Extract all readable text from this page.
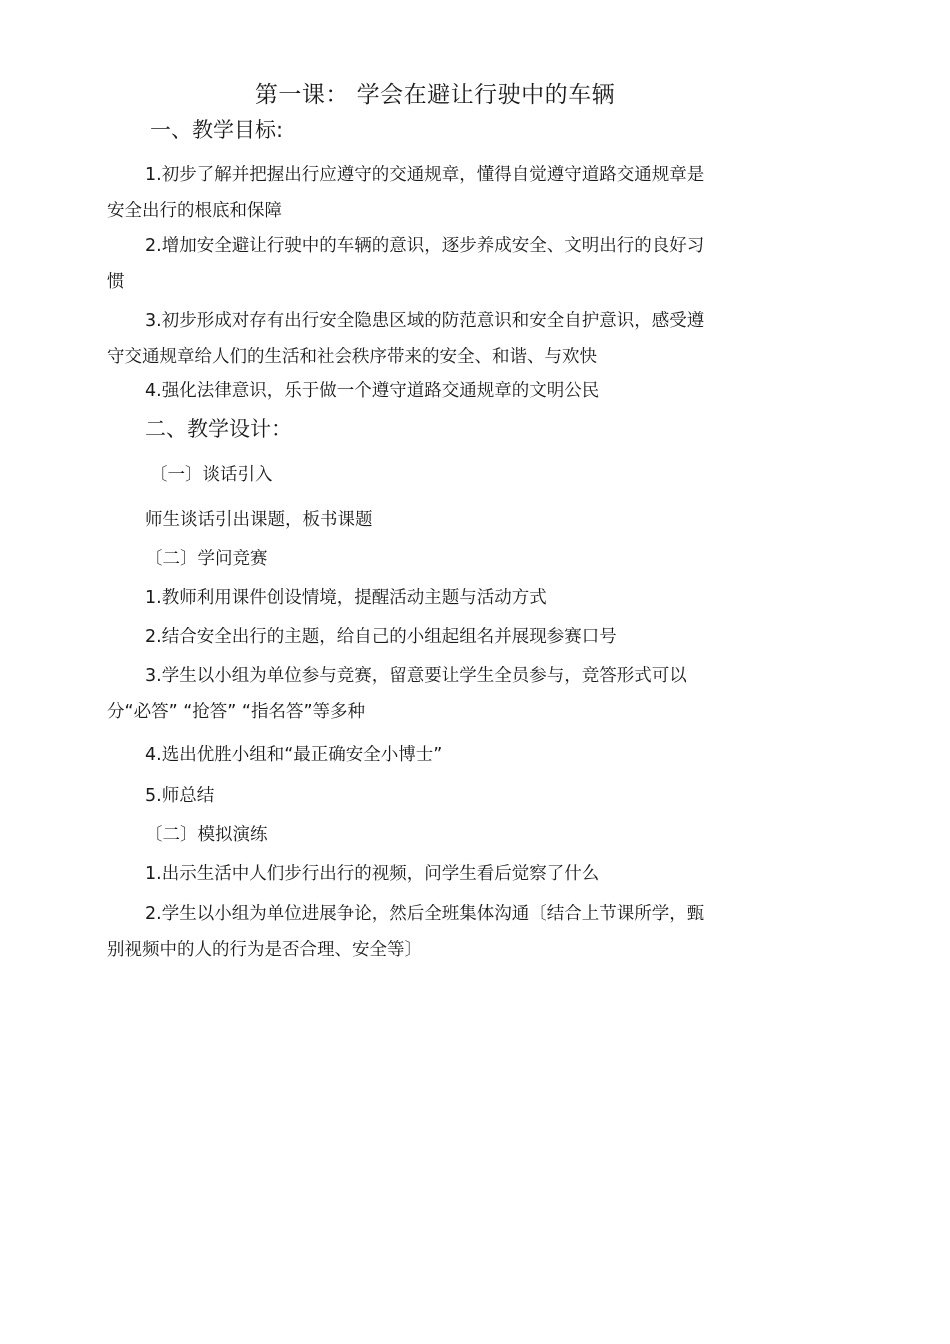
第一课： 学会在避让行驶中的车辆
一、教学目标:
1.初步了解并把握出行应遵守的交通规章，懂得自觉遵守道路交通规章是
安全出行的根底和保障
2.增加安全避让行驶中的车辆的意识，逐步养成安全、文明出行的良好习
惯
3.初步形成对存有出行安全隐患区域的防范意识和安全自护意识，感受遵
守交通规章给人们的生活和社会秩序带来的安全、和谐、与欢快
4.强化法律意识，乐于做一个遵守道路交通规章的文明公民
二、教学设计：
〔一〕谈话引入
师生谈话引出课题，板书课题
〔二〕学问竞赛
1.教师利用课件创设情境，提醒活动主题与活动方式
2.结合安全出行的主题，给自己的小组起组名并展现参赛口号
3.学生以小组为单位参与竞赛，留意要让学生全员参与，竞答形式可以
分“必答” “抢答” “指名答”等多种
4.选出优胜小组和“最正确安全小博士”
5.师总结
〔二〕模拟演练
1.出示生活中人们步行出行的视频，问学生看后觉察了什么
2.学生以小组为单位进展争论，然后全班集体沟通〔结合上节课所学，甄
别视频中的人的行为是否合理、安全等〕
